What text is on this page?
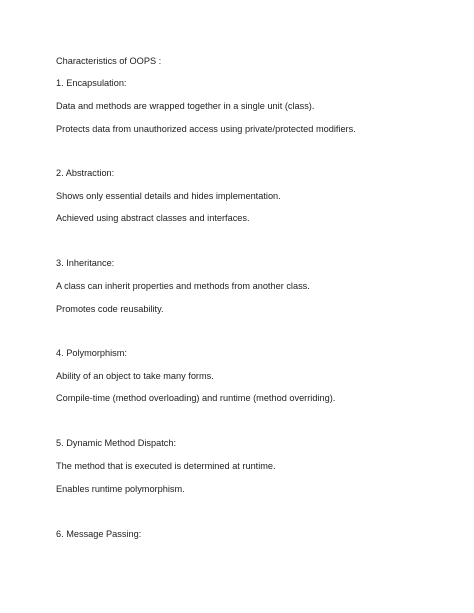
Characteristics of OOPS :
1. Encapsulation:
Data and methods are wrapped together in a single unit (class).
Protects data from unauthorized access using private/protected modifiers.
2. Abstraction:
Shows only essential details and hides implementation.
Achieved using abstract classes and interfaces.
3. Inheritance:
A class can inherit properties and methods from another class.
Promotes code reusability.
4. Polymorphism:
Ability of an object to take many forms.
Compile-time (method overloading) and runtime (method overriding).
5. Dynamic Method Dispatch:
The method that is executed is determined at runtime.
Enables runtime polymorphism.
6. Message Passing:
